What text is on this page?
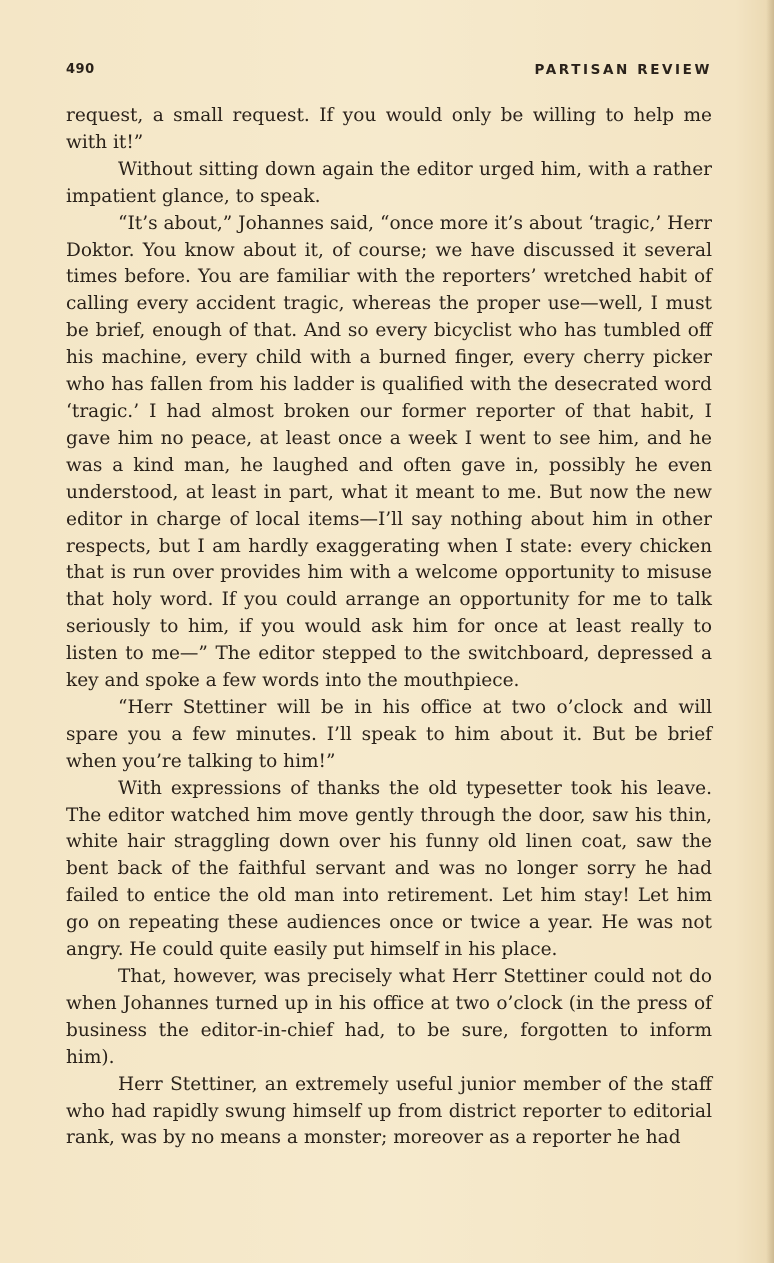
490	PARTISAN REVIEW

request, a small request. If you would only be willing to help me with it!”

Without sitting down again the editor urged him, with a rather impatient glance, to speak.

“It’s about,” Johannes said, “once more it’s about ‘tragic,’ Herr Doktor. You know about it, of course; we have discussed it several times before. You are familiar with the reporters’ wretched habit of calling every accident tragic, whereas the proper use—well, I must be brief, enough of that. And so every bicyclist who has tumbled off his machine, every child with a burned finger, every cherry picker who has fallen from his ladder is qualified with the desecrated word ‘tragic.’ I had almost broken our former reporter of that habit, I gave him no peace, at least once a week I went to see him, and he was a kind man, he laughed and often gave in, possibly he even understood, at least in part, what it meant to me. But now the new editor in charge of local items—I’ll say nothing about him in other respects, but I am hardly exaggerating when I state: every chicken that is run over provides him with a welcome opportunity to misuse that holy word. If you could arrange an opportunity for me to talk seriously to him, if you would ask him for once at least really to listen to me—” The editor stepped to the switchboard, depressed a key and spoke a few words into the mouthpiece.

“Herr Stettiner will be in his office at two o’clock and will spare you a few minutes. I’ll speak to him about it. But be brief when you’re talking to him!”

With expressions of thanks the old typesetter took his leave. The editor watched him move gently through the door, saw his thin, white hair straggling down over his funny old linen coat, saw the bent back of the faithful servant and was no longer sorry he had failed to entice the old man into retirement. Let him stay! Let him go on repeating these audiences once or twice a year. He was not angry. He could quite easily put himself in his place.

That, however, was precisely what Herr Stettiner could not do when Johannes turned up in his office at two o’clock (in the press of business the editor-in-chief had, to be sure, forgotten to inform him).

Herr Stettiner, an extremely useful junior member of the staff who had rapidly swung himself up from district reporter to editorial rank, was by no means a monster; moreover as a reporter he had
